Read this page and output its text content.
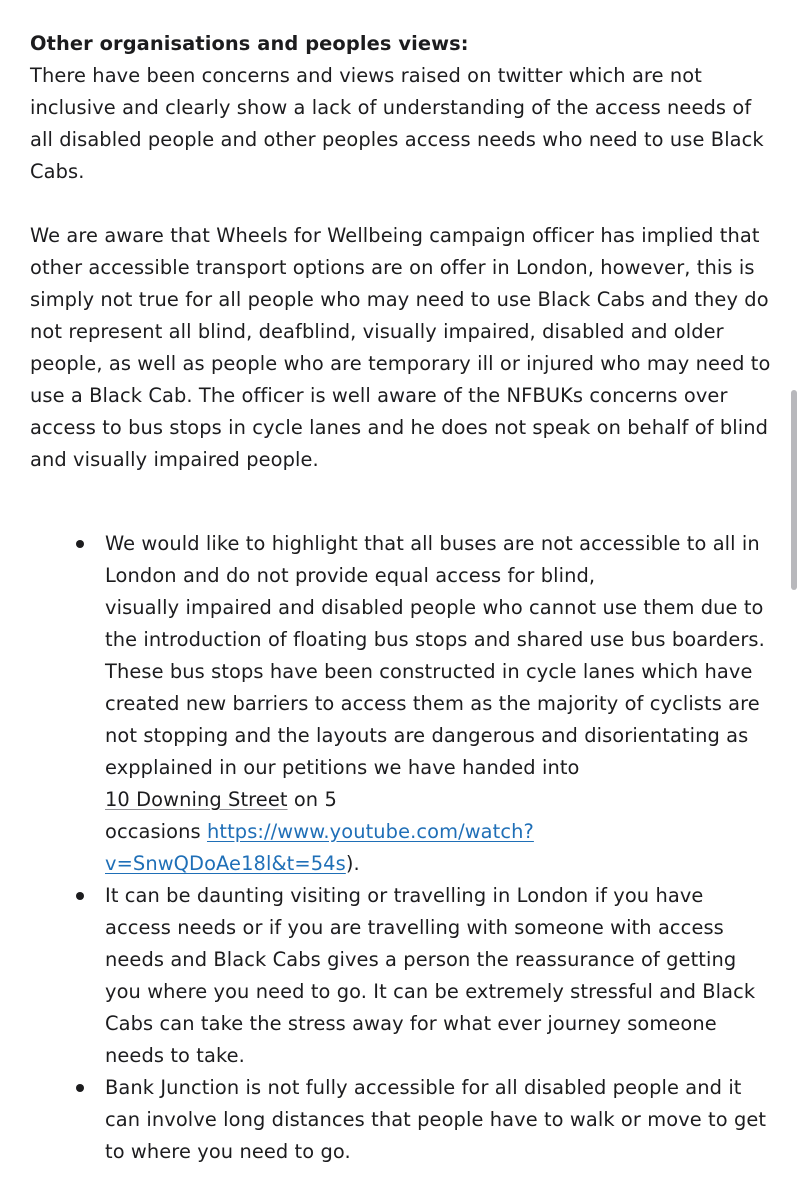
Other organisations and peoples views:

There have been concerns and views raised on twitter which are not inclusive and clearly show a lack of understanding of the access needs of all disabled people and other peoples access needs who need to use Black Cabs.

We are aware that Wheels for Wellbeing campaign officer has implied that other accessible transport options are on offer in London, however, this is simply not true for all people who may need to use Black Cabs and they do not represent all blind, deafblind, visually impaired, disabled and older people, as well as people who are temporary ill or injured who may need to use a Black Cab. The officer is well aware of the NFBUKs concerns over access to bus stops in cycle lanes and he does not speak on behalf of blind and visually impaired people.

We would like to highlight that all buses are not accessible to all in London and do not provide equal access for blind,
visually impaired and disabled people who cannot use them due to the introduction of floating bus stops and shared use bus boarders. These bus stops have been constructed in cycle lanes which have created new barriers to access them as the majority of cyclists are not stopping and the layouts are dangerous and disorientating as expplained in our petitions we have handed into
10 Downing Street on 5
occasions https://www.youtube.com/watch?
v=SnwQDoAe18l&t=54s).
It can be daunting visiting or travelling in London if you have access needs or if you are travelling with someone with access needs and Black Cabs gives a person the reassurance of getting you where you need to go. It can be extremely stressful and Black Cabs can take the stress away for what ever journey someone needs to take.
Bank Junction is not fully accessible for all disabled people and it can involve long distances that people have to walk or move to get to where you need to go.
